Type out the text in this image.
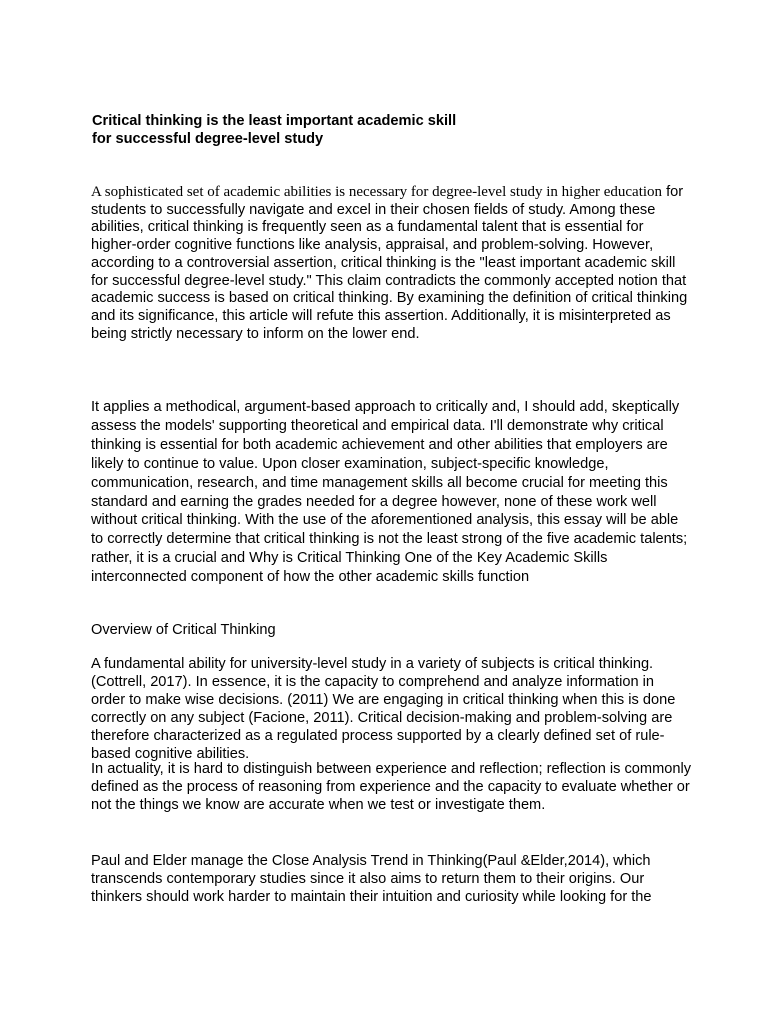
Critical thinking is the least important academic skill
for successful degree-level study

A sophisticated set of academic abilities is necessary for degree-level study in higher education for students to successfully navigate and excel in their chosen fields of study. Among these abilities, critical thinking is frequently seen as a fundamental talent that is essential for higher-order cognitive functions like analysis, appraisal, and problem-solving. However, according to a controversial assertion, critical thinking is the "least important academic skill for successful degree-level study." This claim contradicts the commonly accepted notion that academic success is based on critical thinking. By examining the definition of critical thinking and its significance, this article will refute this assertion. Additionally, it is misinterpreted as being strictly necessary to inform on the lower end.

It applies a methodical, argument-based approach to critically and, I should add, skeptically assess the models' supporting theoretical and empirical data. I'll demonstrate why critical thinking is essential for both academic achievement and other abilities that employers are likely to continue to value. Upon closer examination, subject-specific knowledge, communication, research, and time management skills all become crucial for meeting this standard and earning the grades needed for a degree however, none of these work well without critical thinking. With the use of the aforementioned analysis, this essay will be able to correctly determine that critical thinking is not the least strong of the five academic talents; rather, it is a crucial and Why is Critical Thinking One of the Key Academic Skills interconnected component of how the other academic skills function

Overview of Critical Thinking

A fundamental ability for university-level study in a variety of subjects is critical thinking.(Cottrell, 2017). In essence, it is the capacity to comprehend and analyze information in order to make wise decisions. (2011) We are engaging in critical thinking when this is done correctly on any subject (Facione, 2011). Critical decision-making and problem-solving are therefore characterized as a regulated process supported by a clearly defined set of rule-based cognitive abilities.

In actuality, it is hard to distinguish between experience and reflection; reflection is commonly defined as the process of reasoning from experience and the capacity to evaluate whether or not the things we know are accurate when we test or investigate them.

Paul and Elder manage the Close Analysis Trend in Thinking(Paul &Elder,2014), which transcends contemporary studies since it also aims to return them to their origins. Our thinkers should work harder to maintain their intuition and curiosity while looking for the
